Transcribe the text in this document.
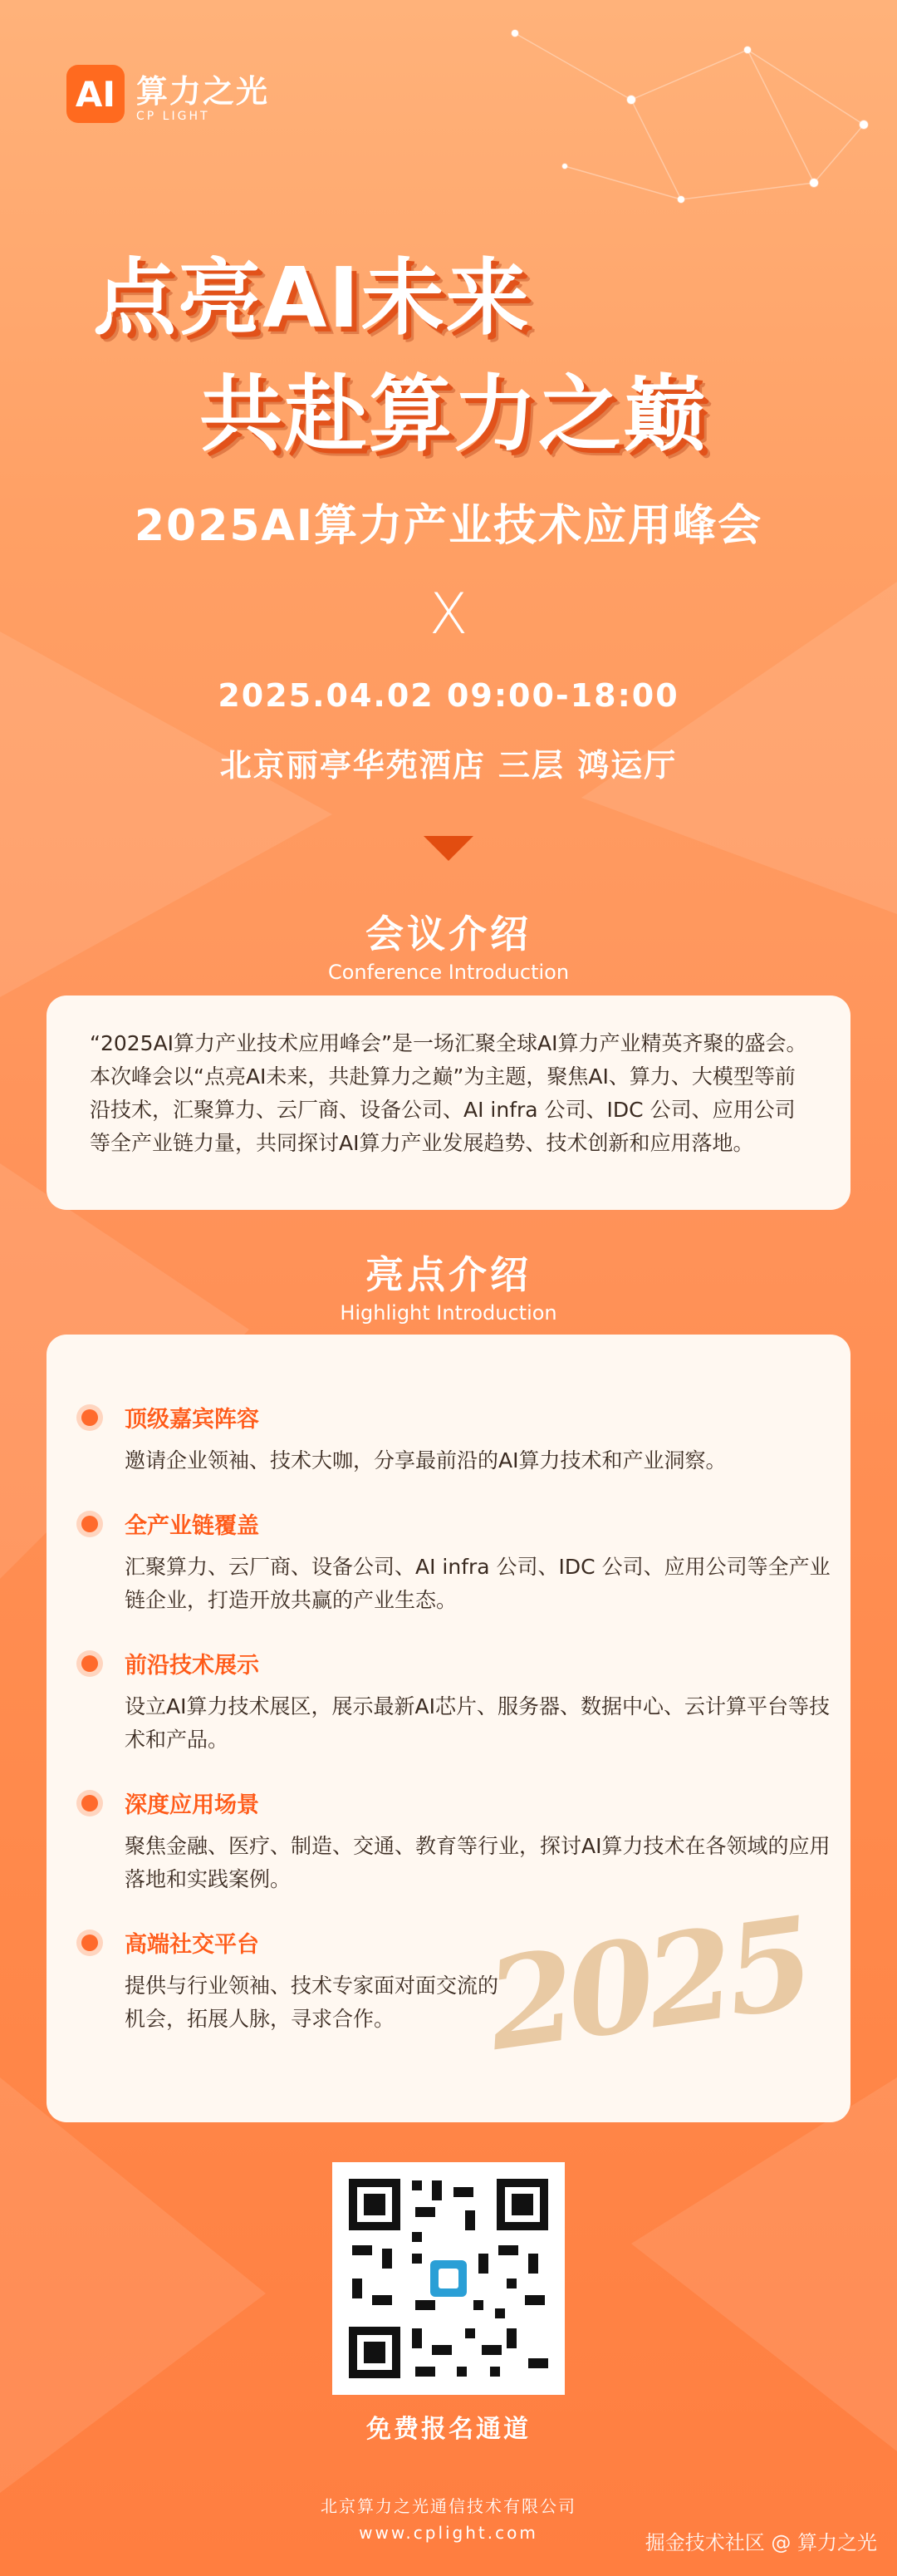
AI 算力之光
CP LIGHT
点亮AI未来
共赴算力之巅
2025AI算力产业技术应用峰会
X
2025.04.02 09:00-18:00
北京丽亭华苑酒店 三层 鸿运厅
会议介绍
Conference Introduction

“2025AI算力产业技术应用峰会”是一场汇聚全球AI算力产业精英齐聚的盛会。本次峰会以“点亮AI未来，共赴算力之巅”为主题，聚焦AI、算力、大模型等前沿技术，汇聚算力、云厂商、设备公司、AI infra 公司、IDC 公司、应用公司等全产业链力量，共同探讨AI算力产业发展趋势、技术创新和应用落地。

亮点介绍
Highlight Introduction
顶级嘉宾阵容
邀请企业领袖、技术大咖，分享最前沿的AI算力技术和产业洞察。
全产业链覆盖
汇聚算力、云厂商、设备公司、AI infra 公司、IDC 公司、应用公司等全产业链企业，打造开放共赢的产业生态。
前沿技术展示
设立AI算力技术展区，展示最新AI芯片、服务器、数据中心、云计算平台等技术和产品。
深度应用场景
聚焦金融、医疗、制造、交通、教育等行业，探讨AI算力技术在各领域的应用落地和实践案例。
高端社交平台
提供与行业领袖、技术专家面对面交流的机会，拓展人脉，寻求合作。 2025
免费报名通道
北京算力之光通信技术有限公司
www.cplight.com	掘金技术社区 @ 算力之光
